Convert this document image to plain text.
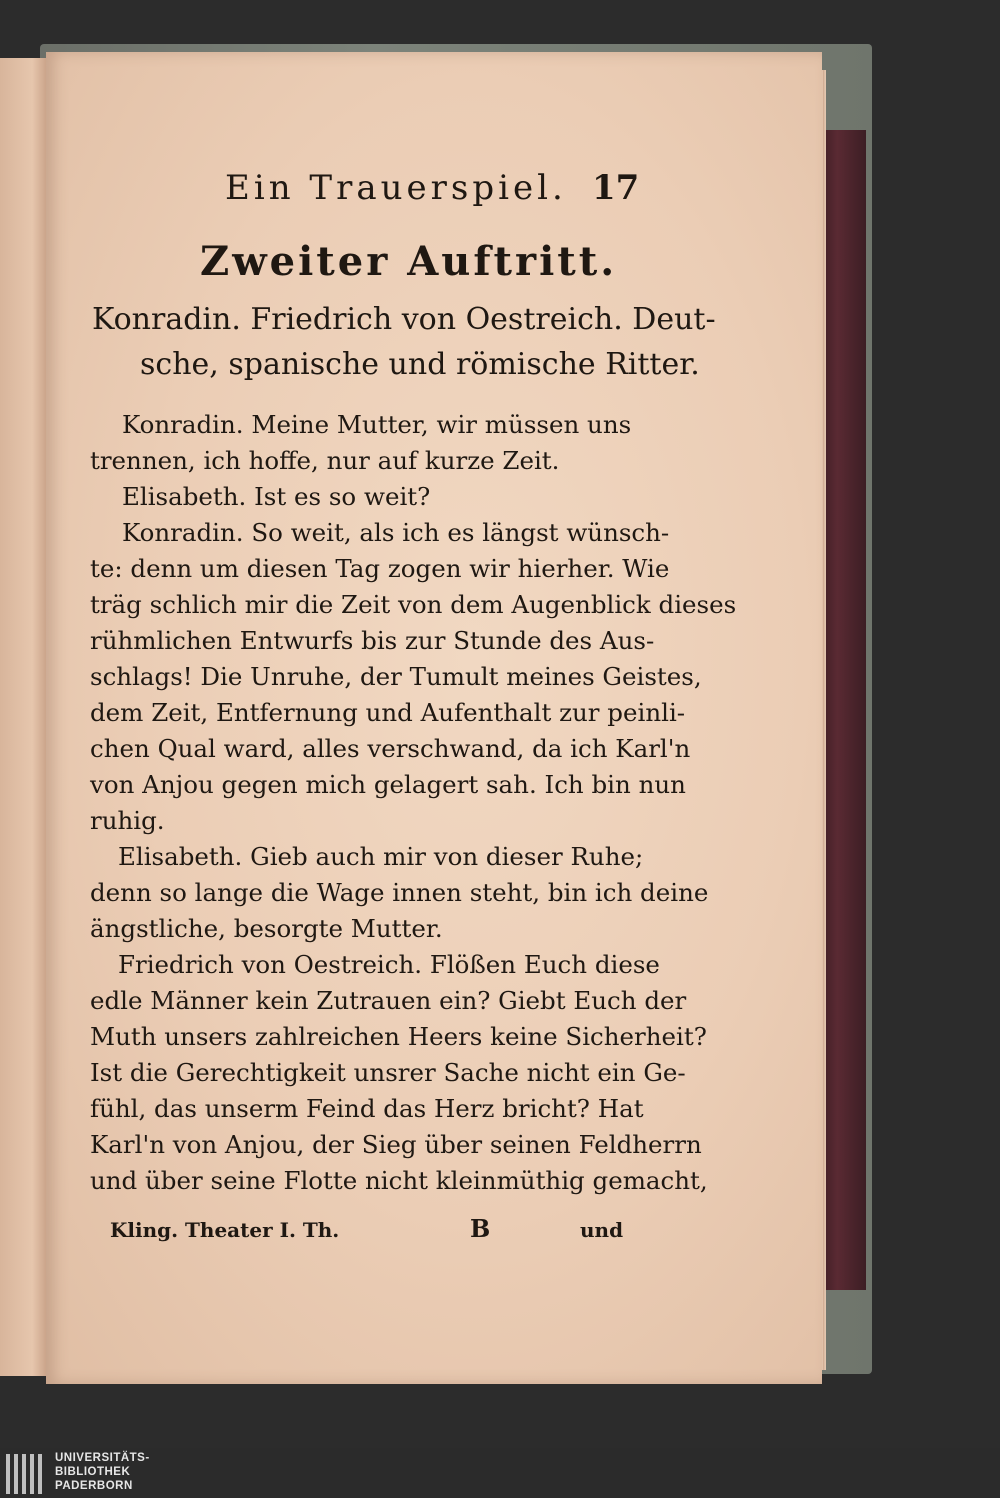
Ein Trauerspiel. 17
Zweiter Auftritt.
Konradin. Friedrich von Oestreich. Deut-
sche, spanische und römische Ritter.
Konradin. Meine Mutter, wir müssen uns
trennen, ich hoffe, nur auf kurze Zeit.
Elisabeth. Ist es so weit?
Konradin. So weit, als ich es längst wünsch-
te: denn um diesen Tag zogen wir hierher. Wie
träg schlich mir die Zeit von dem Augenblick dieses
rühmlichen Entwurfs bis zur Stunde des Aus-
schlags! Die Unruhe, der Tumult meines Geistes,
dem Zeit, Entfernung und Aufenthalt zur peinli-
chen Qual ward, alles verschwand, da ich Karl'n
von Anjou gegen mich gelagert sah. Ich bin nun
ruhig.
Elisabeth. Gieb auch mir von dieser Ruhe;
denn so lange die Wage innen steht, bin ich deine
ängstliche, besorgte Mutter.
Friedrich von Oestreich. Flößen Euch diese
edle Männer kein Zutrauen ein? Giebt Euch der
Muth unsers zahlreichen Heers keine Sicherheit?
Ist die Gerechtigkeit unsrer Sache nicht ein Ge-
fühl, das unserm Feind das Herz bricht? Hat
Karl'n von Anjou, der Sieg über seinen Feldherrn
und über seine Flotte nicht kleinmüthig gemacht,
Kling. Theater I. Th.	B	und
UNIVERSITÄTS-
BIBLIOTHEK
PADERBORN
